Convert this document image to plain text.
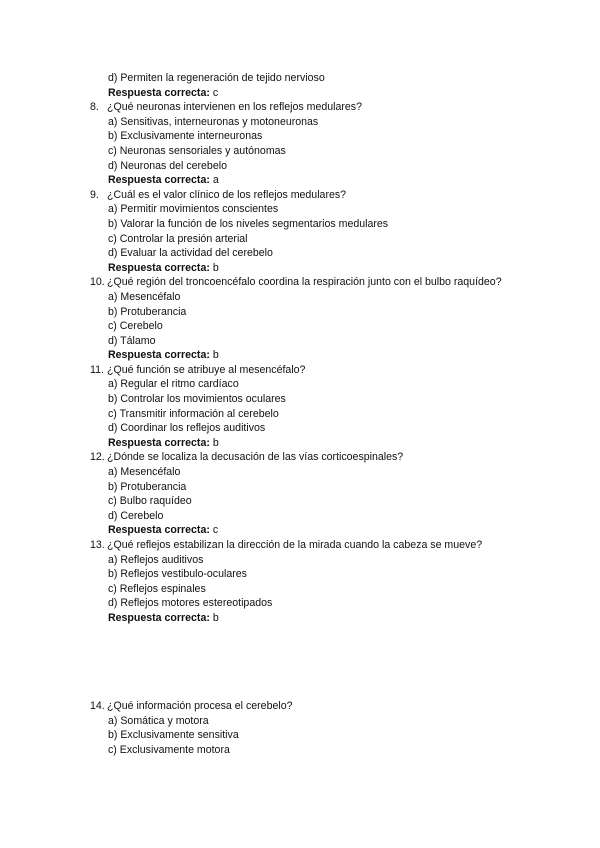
d) Permiten la regeneración de tejido nervioso
Respuesta correcta: c
8. ¿Qué neuronas intervienen en los reflejos medulares?
a) Sensitivas, interneuronas y motoneuronas
b) Exclusivamente interneuronas
c) Neuronas sensoriales y autónomas
d) Neuronas del cerebelo
Respuesta correcta: a
9. ¿Cuál es el valor clínico de los reflejos medulares?
a) Permitir movimientos conscientes
b) Valorar la función de los niveles segmentarios medulares
c) Controlar la presión arterial
d) Evaluar la actividad del cerebelo
Respuesta correcta: b
10. ¿Qué región del troncoencéfalo coordina la respiración junto con el bulbo raquídeo?
a) Mesencéfalo
b) Protuberancia
c) Cerebelo
d) Tálamo
Respuesta correcta: b
11. ¿Qué función se atribuye al mesencéfalo?
a) Regular el ritmo cardíaco
b) Controlar los movimientos oculares
c) Transmitir información al cerebelo
d) Coordinar los reflejos auditivos
Respuesta correcta: b
12. ¿Dónde se localiza la decusación de las vías corticoespinales?
a) Mesencéfalo
b) Protuberancia
c) Bulbo raquídeo
d) Cerebelo
Respuesta correcta: c
13. ¿Qué reflejos estabilizan la dirección de la mirada cuando la cabeza se mueve?
a) Reflejos auditivos
b) Reflejos vestibulo-oculares
c) Reflejos espinales
d) Reflejos motores estereotipados
Respuesta correcta: b
14. ¿Qué información procesa el cerebelo?
a) Somática y motora
b) Exclusivamente sensitiva
c) Exclusivamente motora
